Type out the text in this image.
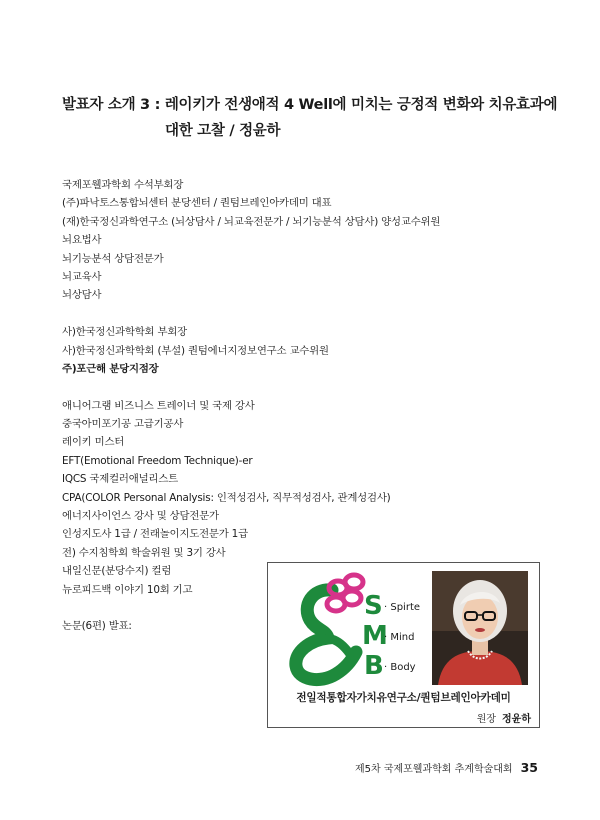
발표자 소개 3 : 레이키가 전생애적 4 Well에 미치는 긍정적 변화와 치유효과에
대한 고찰 / 정윤하
국제포웰과학회 수석부회장
(주)파낙토스통합뇌센터 분당센터 / 퀀텀브레인아카데미 대표
(재)한국정신과학연구소 (뇌상담사 / 뇌교육전문가 / 뇌기능분석 상담사) 양성교수위원
뇌요법사
뇌기능분석 상담전문가
뇌교육사
뇌상담사
사)한국정신과학학회 부회장
사)한국정신과학학회 (부설) 퀀텀에너지정보연구소 교수위원
주)포근해 분당지점장
애니어그램 비즈니스 트레이너 및 국제 강사
중국아미포기공 고급기공사
레이키 미스터
EFT(Emotional Freedom Technique)-er
IQCS 국제컬러애널리스트
CPA(COLOR Personal Analysis: 인적성검사, 직무적성검사, 관계성검사)
에너지사이언스 강사 및 상담전문가
인성지도사 1급 / 전래놀이지도전문가 1급
전) 수지침학회 학술위원 및 3기 강사
내일신문(분당수지) 컬럼
뉴로피드백 이야기 10회 기고
논문(6편) 발표:
S
M
B
· Spirte
· Mind
· Body
전일적통합자가치유연구소/퀀텀브레인아카데미
원장 정윤하
제5차 국제포웰과학회 추계학술대회 35
